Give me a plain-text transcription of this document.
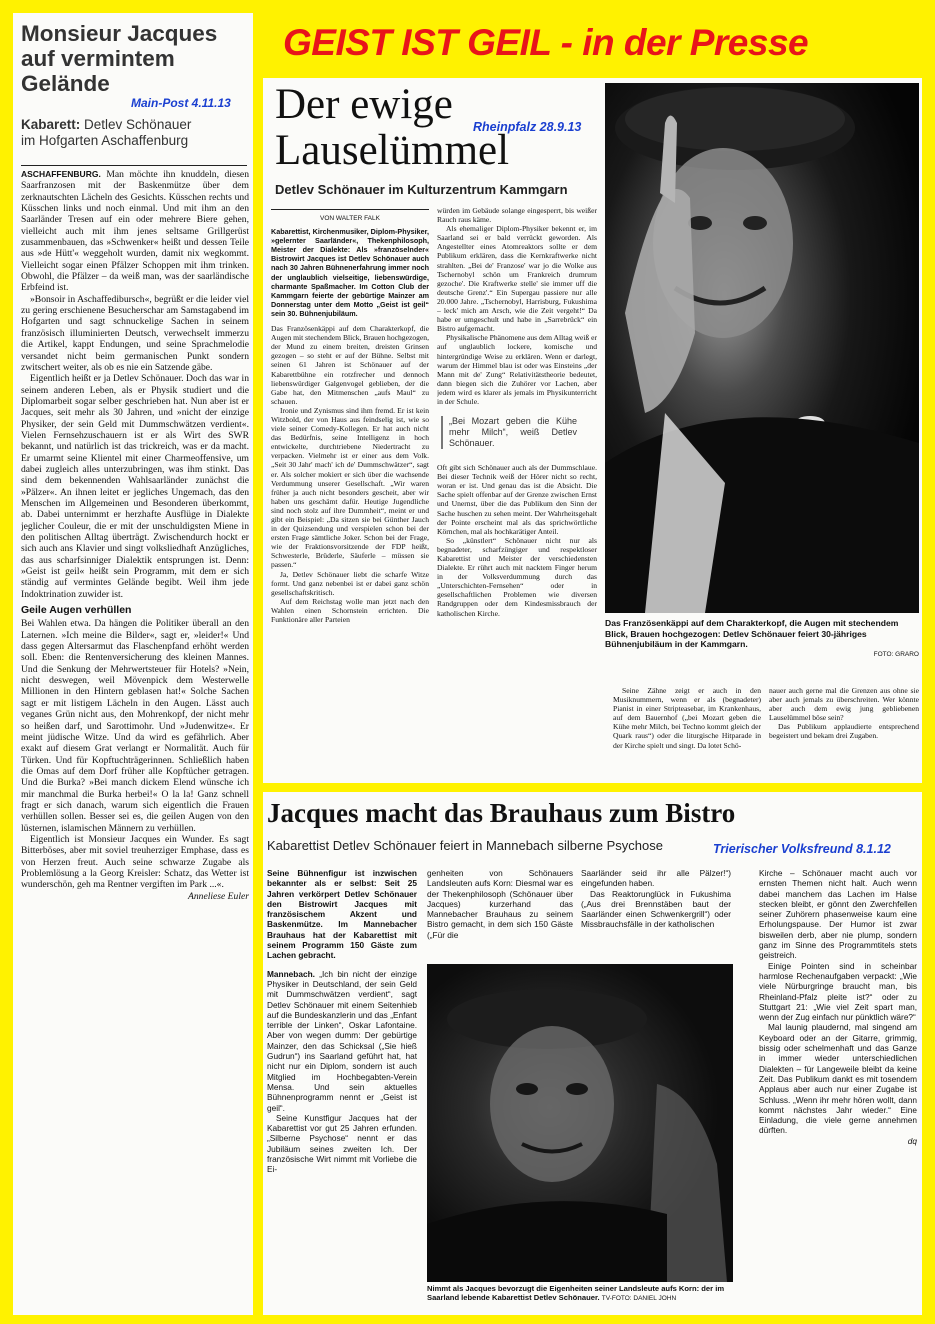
GEIST IST GEIL - in der Presse
Monsieur Jacques
auf vermintem
Gelände
Main-Post 4.11.13
Kabarett: Detlev Schönauer
im Hofgarten Aschaffenburg

ASCHAFFENBURG. Man möchte ihn knuddeln, diesen Saarfranzosen mit der Baskenmütze über dem zerknautschten Lächeln des Gesichts. Küsschen rechts und Küsschen links und noch einmal. Und mit ihm an den Saarländer Tresen auf ein oder mehrere Biere gehen, vielleicht auch mit ihm jenes seltsame Grillgerüst zusammenbauen, das »Schwenker« heißt und dessen Teile aus »de Hütt'« weggeholt wurden, damit nix wegkommt. Vielleicht sogar einen Pfälzer Schoppen mit ihm trinken. Obwohl, die Pfälzer – da weiß man, was der saarländische Erbfeind ist.

»Bonsoir in Aschaffedibursch«, begrüßt er die leider viel zu gering erschienene Besucherschar am Samstagabend im Hofgarten und sagt schnuckelige Sachen in seinem französisch illuminierten Deutsch, verwechselt immerzu die Artikel, kappt Endungen, und seine Sprachmelodie versandet nicht beim germanischen Punkt sondern zwitschert weiter, als ob es nie ein Satzende gäbe.

Eigentlich heißt er ja Detlev Schönauer. Doch das war in seinem anderen Leben, als er Physik studiert und die Diplomarbeit sogar selber geschrieben hat. Nun aber ist er Jacques, seit mehr als 30 Jahren, und »nicht der einzige Physiker, der sein Geld mit Dummschwätzen verdient«. Vielen Fernsehzuschauern ist er als Wirt des SWR bekannt, und natürlich ist das trickreich, was er da macht. Er umarmt seine Klientel mit einer Charmeoffensive, um dabei zugleich alles unterzubringen, was ihm stinkt. Das sind dem bekennenden Wahlsaarländer zunächst die »Pälzer«. An ihnen leitet er jegliches Ungemach, das den Menschen im Allgemeinen und Besonderen überkommt, ab. Dabei unternimmt er herzhafte Ausflüge in Dialekte jeglicher Couleur, die er mit der unschuldigsten Miene in den politischen Alltag überträgt. Zwischendurch hockt er sich auch ans Klavier und singt volksliedhaft Anzügliches, das aus scharfsinniger Dialektik entsprungen ist. Denn: »Geist ist geil« heißt sein Programm, mit dem er sich ständig auf vermintes Gelände begibt. Weil ihm jede Indoktrination zuwider ist.

Geile Augen verhüllen

Bei Wahlen etwa. Da hängen die Politiker überall an den Laternen. »Ich meine die Bilder«, sagt er, »leider!« Und dass gegen Altersarmut das Flaschenpfand erhöht werden soll. Eben: die Rentenversicherung des kleinen Mannes. Und die Senkung der Mehrwertsteuer für Hotels? »Nein, nicht deswegen, weil Mövenpick dem Westerwelle Millionen in den Hintern geblasen hat!« Solche Sachen sagt er mit listigem Lächeln in den Augen. Lässt auch veganes Grün nicht aus, den Mohrenkopf, der nicht mehr so heißen darf, und Sarottimohr. Und »Judenwitze«. Er meint jüdische Witze. Und da wird es gefährlich. Aber exakt auf diesem Grat verlangt er Normalität. Auch für Türken. Und für Kopftuchträgerinnen. Schließlich haben die Omas auf dem Dorf früher alle Kopftücher getragen. Und die Burka? »Bei manch dickem Elend wünsche ich mir manchmal die Burka herbei!« O la la! Ganz schnell fragt er sich danach, warum sich eigentlich die Frauen verhüllen sollen. Besser sei es, die geilen Augen von den lüsternen, islamischen Männern zu verhüllen.

Eigentlich ist Monsieur Jacques ein Wunder. Es sagt Bitterböses, aber mit soviel treuherziger Emphase, dass es von Herzen freut. Auch seine schwarze Zugabe als Problemlösung a la Georg Kreisler: Schatz, das Wetter ist wunderschön, geh ma Rentner vergiften im Park ...«.

Anneliese Euler
Der ewige
Lauselümmel
Rheinpfalz 28.9.13
Detlev Schönauer im Kulturzentrum Kammgarn
Das Französenkäppi auf dem Charakterkopf, die Augen mit stechendem Blick, Brauen hochgezogen: Detlev Schönauer feiert 30-jähriges Bühnenjubiläum in der Kammgarn.
FOTO: GRARO
VON WALTER FALK

Kabarettist, Kirchenmusiker, Diplom-Physiker, »gelernter Saarländer«, Thekenphilosoph, Meister der Dialekte: Als »französelnder« Bistrowirt Jacques ist Detlev Schönauer auch nach 30 Jahren Bühnenerfahrung immer noch der unglaublich vielseitige, liebenswürdige, charmante Spaßmacher. Im Cotton Club der Kammgarn feierte der gebürtige Mainzer am Donnerstag unter dem Motto „Geist ist geil“ sein 30. Bühnenjubiläum.

Das Französenkäppi auf dem Charakterkopf, die Augen mit stechendem Blick, Brauen hochgezogen, der Mund zu einem breiten, dreisten Grinsen gezogen – so steht er auf der Bühne. Selbst mit seinen 61 Jahren ist Schönauer auf der Kabarettbühne ein rotzfrecher und dennoch liebenswürdiger Galgenvogel geblieben, der die Gabe hat, den Mitmenschen „aufs Maul“ zu schauen.

Ironie und Zynismus sind ihm fremd. Er ist kein Witzbold, der von Haus aus feindselig ist, wie so viele seiner Comedy-Kollegen. Er hat auch nicht das Bedürfnis, seine Intelligenz in hoch entwickelte, durchtriebene Niedertracht zu verpacken. Vielmehr ist er einer aus dem Volk. „Seit 30 Jahr' mach' ich de' Dummschwätzer“, sagt er. Als solcher mokiert er sich über die wachsende Verdummung unserer Gesellschaft. „Wir waren früher ja auch nicht besonders gescheit, aber wir haben uns geschämt dafür. Heutige Jugendliche sind noch stolz auf ihre Dummheit“, meint er und gibt ein Beispiel: „Da sitzen sie bei Günther Jauch in der Quizsendung und verspielen schon bei der ersten Frage sämtliche Joker. Schon bei der Frage, wie der Fraktionsvorsitzende der FDP heißt, Schwesterle, Brüderle, Säuferle – müssen sie passen.“

Ja, Detlev Schönauer liebt die scharfe Witze formt. Und ganz nebenbei ist er dabei ganz schön gesellschaftskritisch.

Auf dem Reichstag wolle man jetzt nach den Wahlen einen Schornstein errichten. Die Funktionäre aller Parteien

würden im Gebäude solange eingesperrt, bis weißer Rauch raus käme.

Als ehemaliger Diplom-Physiker bekennt er, im Saarland sei er bald verrückt geworden. Als Angestellter eines Atomreaktors sollte er dem Publikum erklären, dass die Kernkraftwerke nicht strahlten. „Bei de' Franzose' war jo die Wolke aus Tschernobyl schön um Frankreich drumrum gezoche'. Die Kraftwerke stelle' sie immer uff die deutsche Grenz'.“ Ein Supergau passiere nur alle 20.000 Jahre. „Tschernobyl, Harrisburg, Fukushima – leck' mich am Arsch, wie die Zeit vergeht!“ Da habe er umgeschult und habe in „Sarrebrück“ ein Bistro aufgemacht.

Physikalische Phänomene aus dem Alltag weiß er auf unglaublich lockere, komische und hintergründige Weise zu erklären. Wenn er darlegt, warum der Himmel blau ist oder was Einsteins „der Mann mit de' Zung“ Relativitätstheorie bedeutet, dann biegen sich die Zuhörer vor Lachen, aber jedem wird es klarer als jemals im Physikunterricht in der Schule.

„Bei Mozart geben die Kühe mehr Milch“, weiß Detlev Schönauer.

Oft gibt sich Schönauer auch als der Dummschlaue. Bei dieser Technik weiß der Hörer nicht so recht, woran er ist. Und genau das ist die Absicht. Die Sache spielt offenbar auf der Grenze zwischen Ernst und Unernst, über die das Publikum den Sinn der Sache huschen zu sehen meint. Der Wahrheitsgehalt der Pointe erscheint mal als das sprichwörtliche Körnchen, mal als hochkarätiger Anteil.

So „künstlert“ Schönauer nicht nur als begnadeter, scharfzüngiger und respektloser Kabarettist und Meister der verschiedensten Dialekte. Er rührt auch mit nacktem Finger herum in der Volksverdummung durch das „Unterschichten-Fernsehen“ oder in gesellschaftlichen Problemen wie diversen Randgruppen oder dem Kindesmissbrauch der katholischen Kirche.

Seine Zähne zeigt er auch in den Musiknummern, wenn er als (begnadeter) Pianist in einer Stripteasebar, im Krankenhaus, auf dem Bauernhof („bei Mozart geben die Kühe mehr Milch, bei Techno kommt gleich der Quark raus“) oder die liturgische Hitparade in der Kirche spielt und singt. Da lotet Schö-

nauer auch gerne mal die Grenzen aus ohne sie aber auch jemals zu überschreiten. Wer könnte aber auch dem ewig jung gebliebenen Lauselümmel böse sein?

Das Publikum applaudierte entsprechend begeistert und bekam drei Zugaben.

Jacques macht das Brauhaus zum Bistro
Kabarettist Detlev Schönauer feiert in Mannebach silberne Psychose	Trierischer Volksfreund 8.1.12

Seine Bühnenfigur ist inzwischen bekannter als er selbst: Seit 25 Jahren verkörpert Detlev Schönauer den Bistrowirt Jacques mit französischem Akzent und Baskenmütze. Im Mannebacher Brauhaus hat der Kabarettist mit seinem Programm 150 Gäste zum Lachen gebracht.

Mannebach. „Ich bin nicht der einzige Physiker in Deutschland, der sein Geld mit Dummschwätzen verdient“, sagt Detlev Schönauer mit einem Seitenhieb auf die Bundeskanzlerin und das „Enfant terrible der Linken“, Oskar Lafontaine. Aber von wegen dumm: Der gebürtige Mainzer, den das Schicksal („Sie hieß Gudrun“) ins Saarland geführt hat, hat nicht nur ein Diplom, sondern ist auch Mitglied im Hochbegabten-Verein Mensa. Und sein aktuelles Bühnenprogramm nennt er „Geist ist geil“.

Seine Kunstfigur Jacques hat der Kabarettist vor gut 25 Jahren erfunden. „Silberne Psychose“ nennt er das Jubiläum seines zweiten Ich. Der französische Wirt nimmt mit Vorliebe die Ei-

genheiten von Schönauers Landsleuten aufs Korn: Diesmal war es der Thekenphilosoph (Schönauer über Jacques) kurzerhand das Mannebacher Brauhaus zu seinem Bistro gemacht, in dem sich 150 Gäste („Für die

Saarländer seid ihr alle Pälzer!“) eingefunden haben.

Das Reaktorunglück in Fukushima („Aus drei Brennstäben baut der Saarländer einen Schwenkergrill“) oder Missbrauchsfälle in der katholischen

Nimmt als Jacques bevorzugt die Eigenheiten seiner Landsleute aufs Korn: der im Saarland lebende Kabarettist Detlev Schönauer. TV-FOTO: DANIEL JOHN

Kirche – Schönauer macht auch vor ernsten Themen nicht halt. Auch wenn dabei manchem das Lachen im Halse stecken bleibt, er gönnt den Zwerchfellen seiner Zuhörern phasenweise kaum eine Erholungspause. Der Humor ist zwar bisweilen derb, aber nie plump, sondern ganz im Sinne des Programmtitels stets geistreich.

Einige Pointen sind in scheinbar harmlose Rechenaufgaben verpackt: „Wie viele Nürburgringe braucht man, bis Rheinland-Pfalz pleite ist?“ oder zu Stuttgart 21: „Wie viel Zeit spart man, wenn der Zug einfach nur pünktlich wäre?“

Mal launig plaudernd, mal singend am Keyboard oder an der Gitarre, grimmig, bissig oder schelmenhaft und das Ganze in immer wieder unterschiedlichen Dialekten – für Langeweile bleibt da keine Zeit. Das Publikum dankt es mit tosendem Applaus aber auch nur einer Zugabe ist Schluss. „Wenn ihr mehr hören wollt, dann kommt nächstes Jahr wieder.“ Eine Einladung, die viele gerne annehmen dürften.

dq
